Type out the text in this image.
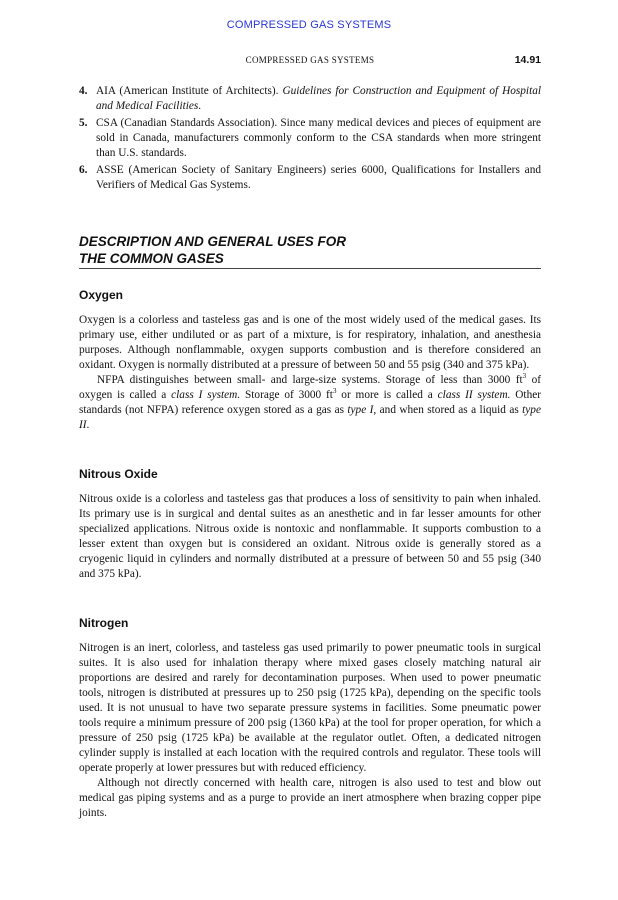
COMPRESSED GAS SYSTEMS
COMPRESSED GAS SYSTEMS	14.91
4. AIA (American Institute of Architects). Guidelines for Construction and Equipment of Hospital and Medical Facilities.
5. CSA (Canadian Standards Association). Since many medical devices and pieces of equipment are sold in Canada, manufacturers commonly conform to the CSA standards when more stringent than U.S. standards.
6. ASSE (American Society of Sanitary Engineers) series 6000, Qualifications for Installers and Verifiers of Medical Gas Systems.
DESCRIPTION AND GENERAL USES FOR
THE COMMON GASES
Oxygen

Oxygen is a colorless and tasteless gas and is one of the most widely used of the medical gases. Its primary use, either undiluted or as part of a mixture, is for respiratory, inhalation, and anesthesia purposes. Although nonflammable, oxygen supports combustion and is therefore considered an oxidant. Oxygen is normally distributed at a pressure of between 50 and 55 psig (340 and 375 kPa).

NFPA distinguishes between small- and large-size systems. Storage of less than 3000 $ft^3$ of oxygen is called a class I system. Storage of 3000 $ft^3$ or more is called a class II system. Other standards (not NFPA) reference oxygen stored as a gas as type I, and when stored as a liquid as type II.

Nitrous Oxide

Nitrous oxide is a colorless and tasteless gas that produces a loss of sensitivity to pain when inhaled. Its primary use is in surgical and dental suites as an anesthetic and in far lesser amounts for other specialized applications. Nitrous oxide is nontoxic and nonflammable. It supports combustion to a lesser extent than oxygen but is considered an oxidant. Nitrous oxide is generally stored as a cryogenic liquid in cylinders and normally distributed at a pressure of between 50 and 55 psig (340 and 375 kPa).

Nitrogen

Nitrogen is an inert, colorless, and tasteless gas used primarily to power pneumatic tools in surgical suites. It is also used for inhalation therapy where mixed gases closely matching natural air proportions are desired and rarely for decontamination purposes. When used to power pneumatic tools, nitrogen is distributed at pressures up to 250 psig (1725 kPa), depending on the specific tools used. It is not unusual to have two separate pressure systems in facilities. Some pneumatic power tools require a minimum pressure of 200 psig (1360 kPa) at the tool for proper operation, for which a pressure of 250 psig (1725 kPa) be available at the regulator outlet. Often, a dedicated nitrogen cylinder supply is installed at each location with the required controls and regulator. These tools will operate properly at lower pressures but with reduced efficiency.

Although not directly concerned with health care, nitrogen is also used to test and blow out medical gas piping systems and as a purge to provide an inert atmosphere when brazing copper pipe joints.
